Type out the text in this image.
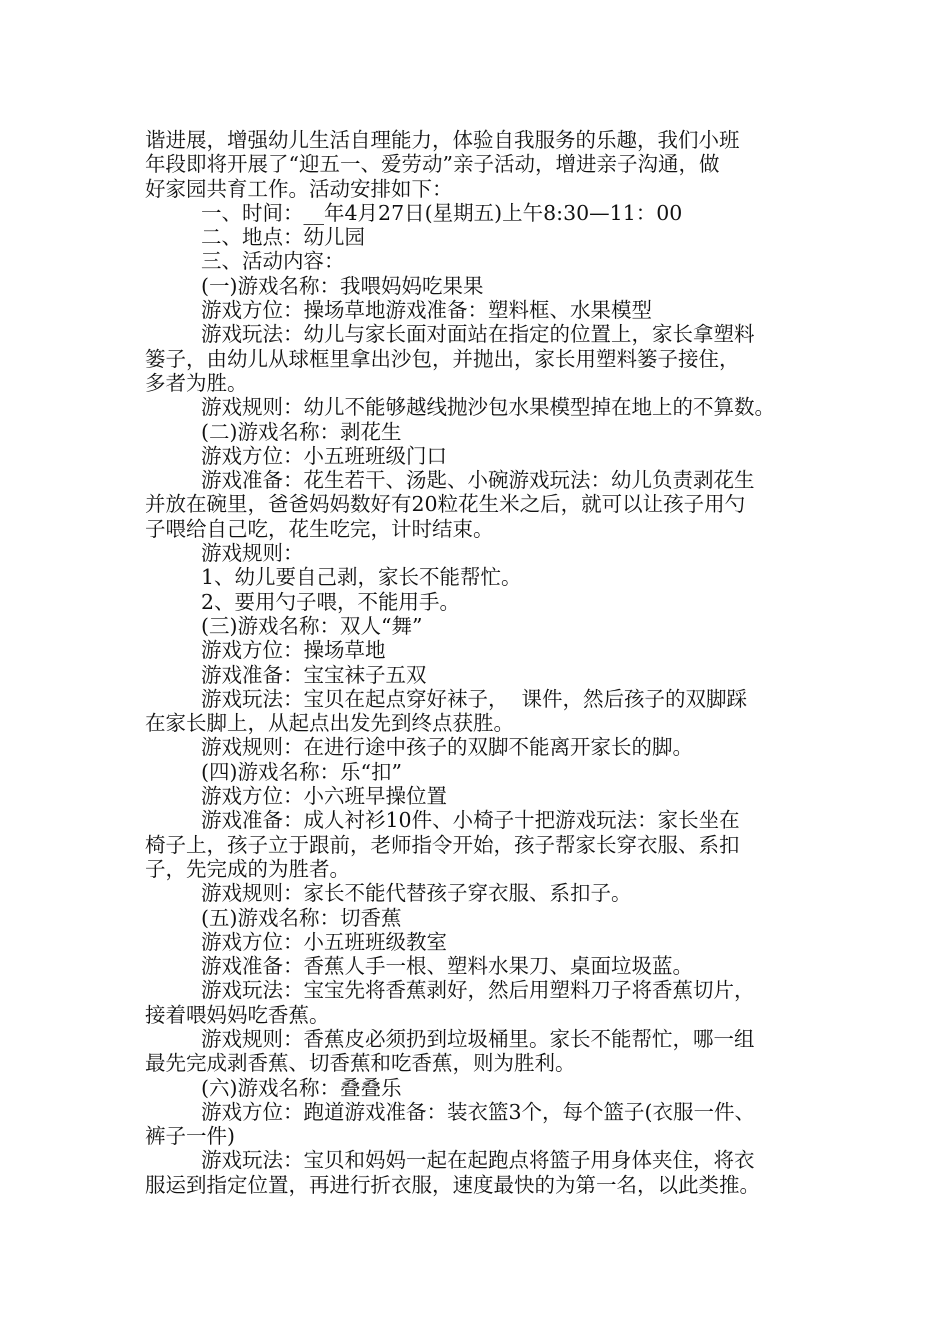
谐进展，增强幼儿生活自理能力，体验自我服务的乐趣，我们小班
年段即将开展了“迎五一、爱劳动”亲子活动，增进亲子沟通，做
好家园共育工作。活动安排如下：
一、时间：__年4月27日(星期五)上午8:30—11：00
二、地点：幼儿园
三、活动内容：
(一)游戏名称：我喂妈妈吃果果
游戏方位：操场草地游戏准备：塑料框、水果模型
游戏玩法：幼儿与家长面对面站在指定的位置上，家长拿塑料
篓子，由幼儿从球框里拿出沙包，并抛出，家长用塑料篓子接住，
多者为胜。
游戏规则：幼儿不能够越线抛沙包水果模型掉在地上的不算数。
(二)游戏名称：剥花生
游戏方位：小五班班级门口
游戏准备：花生若干、汤匙、小碗游戏玩法：幼儿负责剥花生
并放在碗里，爸爸妈妈数好有20粒花生米之后，就可以让孩子用勺
子喂给自己吃，花生吃完，计时结束。
游戏规则：
1、幼儿要自己剥，家长不能帮忙。
2、要用勺子喂，不能用手。
(三)游戏名称：双人“舞”
游戏方位：操场草地
游戏准备：宝宝袜子五双
游戏玩法：宝贝在起点穿好袜子，  课件，然后孩子的双脚踩
在家长脚上，从起点出发先到终点获胜。
游戏规则：在进行途中孩子的双脚不能离开家长的脚。
(四)游戏名称：乐“扣”
游戏方位：小六班早操位置
游戏准备：成人衬衫10件、小椅子十把游戏玩法：家长坐在
椅子上，孩子立于跟前，老师指令开始，孩子帮家长穿衣服、系扣
子，先完成的为胜者。
游戏规则：家长不能代替孩子穿衣服、系扣子。
(五)游戏名称：切香蕉
游戏方位：小五班班级教室
游戏准备：香蕉人手一根、塑料水果刀、桌面垃圾蓝。
游戏玩法：宝宝先将香蕉剥好，然后用塑料刀子将香蕉切片，
接着喂妈妈吃香蕉。
游戏规则：香蕉皮必须扔到垃圾桶里。家长不能帮忙，哪一组
最先完成剥香蕉、切香蕉和吃香蕉，则为胜利。
(六)游戏名称：叠叠乐
游戏方位：跑道游戏准备：装衣篮3个，每个篮子(衣服一件、
裤子一件)
游戏玩法：宝贝和妈妈一起在起跑点将篮子用身体夹住，将衣
服运到指定位置，再进行折衣服，速度最快的为第一名，以此类推。
